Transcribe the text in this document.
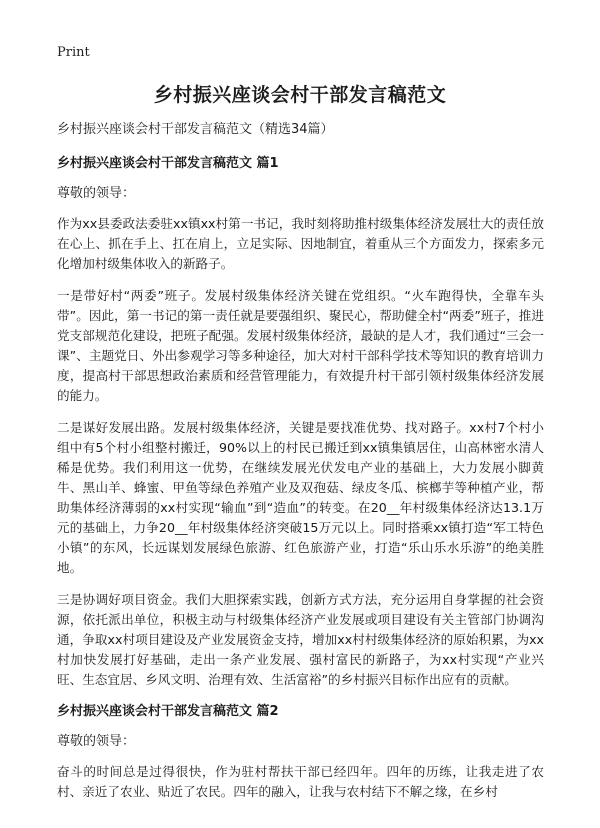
Print
乡村振兴座谈会村干部发言稿范文

乡村振兴座谈会村干部发言稿范文（精选34篇）

乡村振兴座谈会村干部发言稿范文 篇1

尊敬的领导：

作为xx县委政法委驻xx镇xx村第一书记，我时刻将助推村级集体经济发展壮大的责任放在心上、抓在手上、扛在肩上，立足实际、因地制宜，着重从三个方面发力，探索多元化增加村级集体收入的新路子。

一是带好村“两委”班子。发展村级集体经济关键在党组织。“火车跑得快，全靠车头带”。因此，第一书记的第一责任就是要强组织、聚民心，帮助健全村“两委”班子，推进党支部规范化建设，把班子配强。发展村级集体经济，最缺的是人才，我们通过“三会一课”、主题党日、外出参观学习等多种途径，加大对村干部科学技术等知识的教育培训力度，提高村干部思想政治素质和经营管理能力，有效提升村干部引领村级集体经济发展的能力。

二是谋好发展出路。发展村级集体经济，关键是要找准优势、找对路子。xx村7个村小组中有5个村小组整村搬迁，90%以上的村民已搬迁到xx镇集镇居住，山高林密水清人稀是优势。我们利用这一优势，在继续发展光伏发电产业的基础上，大力发展小脚黄牛、黑山羊、蜂蜜、甲鱼等绿色养殖产业及双孢菇、绿皮冬瓜、槟榔芋等种植产业，帮助集体经济薄弱的xx村实现“输血”到“造血”的转变。在20__年村级集体经济达13.1万元的基础上，力争20__年村级集体经济突破15万元以上。同时搭乘xx镇打造“军工特色小镇”的东风，长远谋划发展绿色旅游、红色旅游产业，打造“乐山乐水乐游”的绝美胜地。

三是协调好项目资金。我们大胆探索实践，创新方式方法，充分运用自身掌握的社会资源，依托派出单位，积极主动与村级集体经济产业发展或项目建设有关主管部门协调沟通，争取xx村项目建设及产业发展资金支持，增加xx村村级集体经济的原始积累，为xx村加快发展打好基础，走出一条产业发展、强村富民的新路子，为xx村实现“产业兴旺、生态宜居、乡风文明、治理有效、生活富裕”的乡村振兴目标作出应有的贡献。

乡村振兴座谈会村干部发言稿范文 篇2

尊敬的领导：

奋斗的时间总是过得很快，作为驻村帮扶干部已经四年。四年的历练，让我走进了农村、亲近了农业、贴近了农民。四年的融入，让我与农村结下不解之缘，在乡村
